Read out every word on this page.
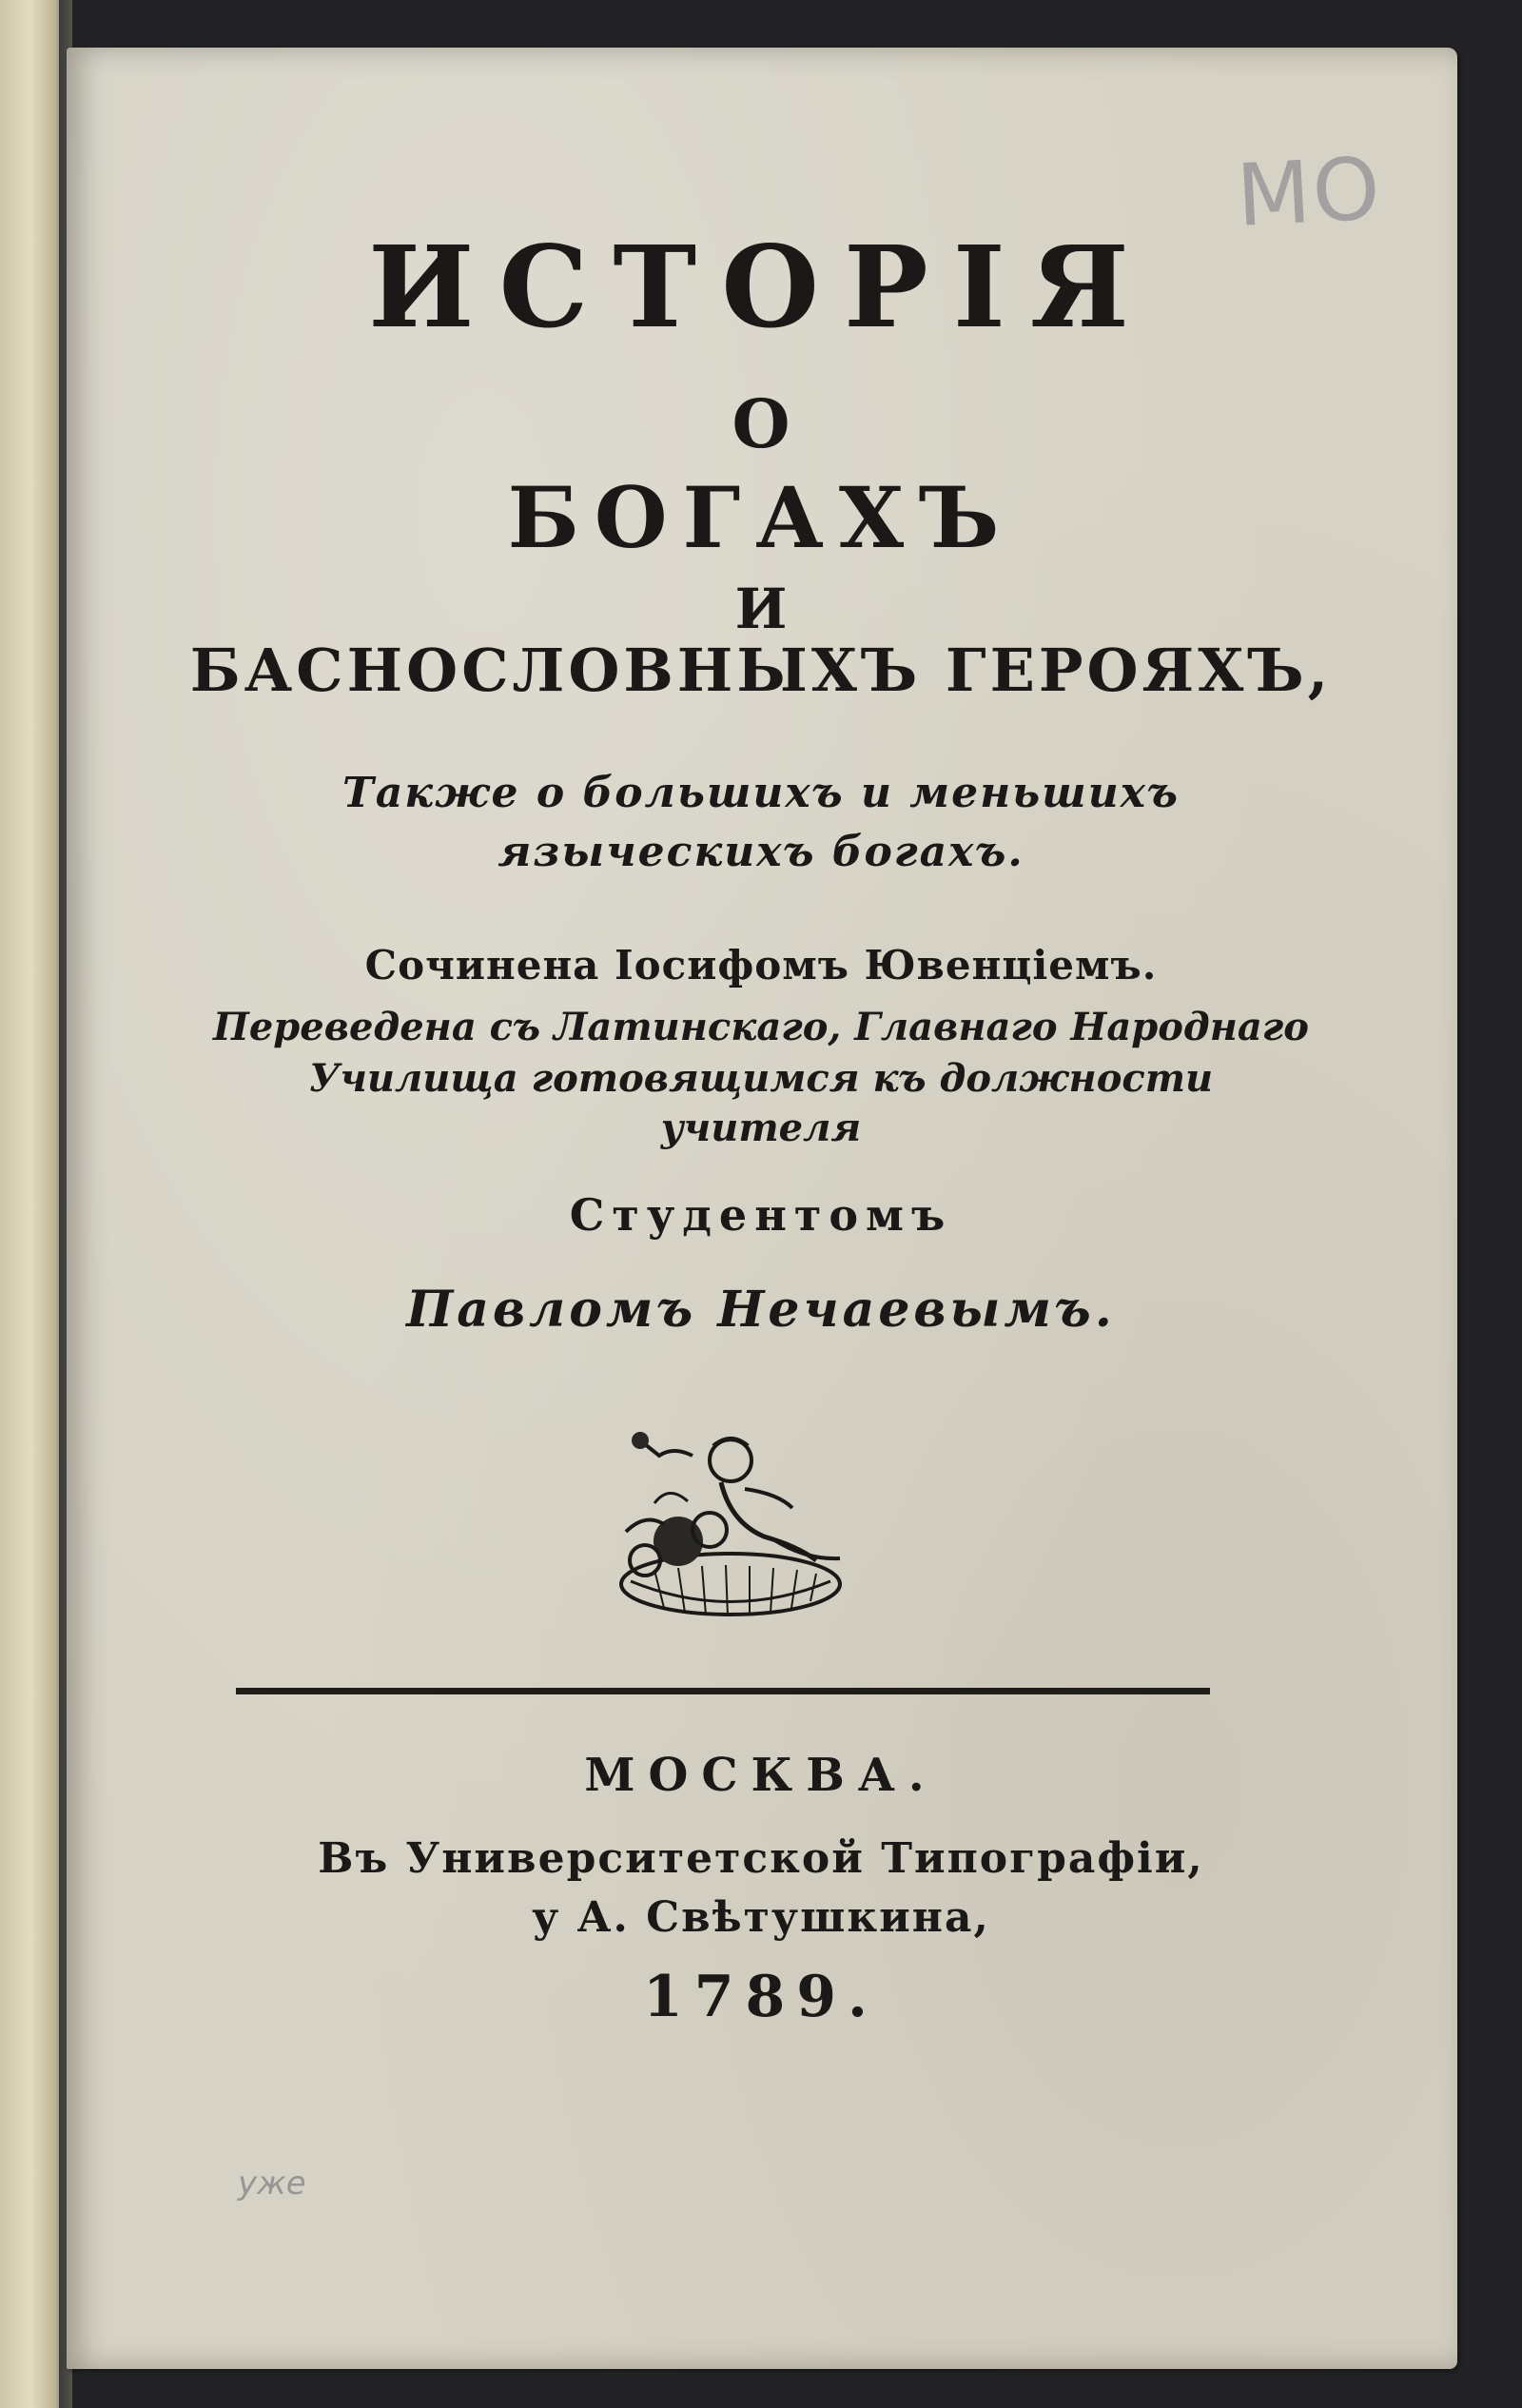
МО
ИСТОРІЯ
О
БОГАХЪ
И
БАСНОСЛОВНЫХЪ ГЕРОЯХЪ,
Также о большихъ и меньшихъ
языческихъ богахъ.
Сочинена Іосифомъ Ювенціемъ.
Переведена съ Латинскаго, Главнаго Народнаго
Училища готовящимся къ должности
учителя
Студентомъ
Павломъ Нечаевымъ.
МОСКВА.
Въ Университетской Типографіи,
у А. Свѣтушкина,
1789.
уже
